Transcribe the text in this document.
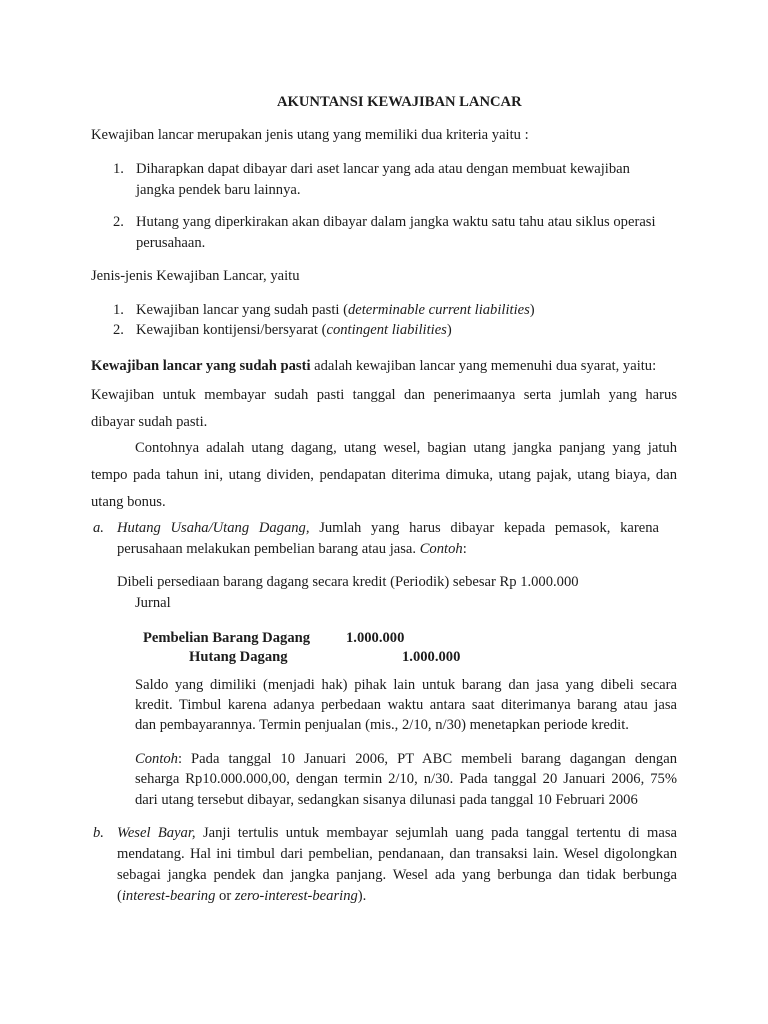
AKUNTANSI KEWAJIBAN LANCAR
Kewajiban lancar merupakan jenis utang yang memiliki dua kriteria yaitu :
1. Diharapkan dapat dibayar dari aset lancar yang ada atau dengan membuat kewajiban
jangka pendek baru lainnya.
2. Hutang yang diperkirakan akan dibayar dalam jangka waktu satu tahu atau siklus operasi
perusahaan.
Jenis-jenis Kewajiban Lancar, yaitu
1. Kewajiban lancar yang sudah pasti (determinable current liabilities)
2. Kewajiban kontijensi/bersyarat (contingent liabilities)
Kewajiban lancar yang sudah pasti adalah kewajiban lancar yang memenuhi dua syarat, yaitu:
Kewajiban untuk membayar sudah pasti tanggal dan penerimaanya serta jumlah yang harus
dibayar sudah pasti.
Contohnya adalah utang dagang, utang wesel, bagian utang jangka panjang yang jatuh
tempo pada tahun ini, utang dividen, pendapatan diterima dimuka, utang pajak, utang biaya, dan
utang bonus.
a. Hutang Usaha/Utang Dagang, Jumlah yang harus dibayar kepada pemasok, karena
perusahaan melakukan pembelian barang atau jasa. Contoh:
Dibeli persediaan barang dagang secara kredit (Periodik) sebesar Rp 1.000.000
Jurnal
Pembelian Barang Dagang 1.000.000
Hutang Dagang	1.000.000
Saldo yang dimiliki (menjadi hak) pihak lain untuk barang dan jasa yang dibeli secara
kredit. Timbul karena adanya perbedaan waktu antara saat diterimanya barang atau jasa
dan pembayarannya. Termin penjualan (mis., 2/10, n/30) menetapkan periode kredit.
Contoh: Pada tanggal 10 Januari 2006, PT ABC membeli barang dagangan dengan
seharga Rp10.000.000,00, dengan termin 2/10, n/30. Pada tanggal 20 Januari 2006, 75%
dari utang tersebut dibayar, sedangkan sisanya dilunasi pada tanggal 10 Februari 2006
b. Wesel Bayar, Janji tertulis untuk membayar sejumlah uang pada tanggal tertentu di masa
mendatang. Hal ini timbul dari pembelian, pendanaan, dan transaksi lain. Wesel digolongkan
sebagai jangka pendek dan jangka panjang. Wesel ada yang berbunga dan tidak berbunga
(interest-bearing or zero-interest-bearing).
